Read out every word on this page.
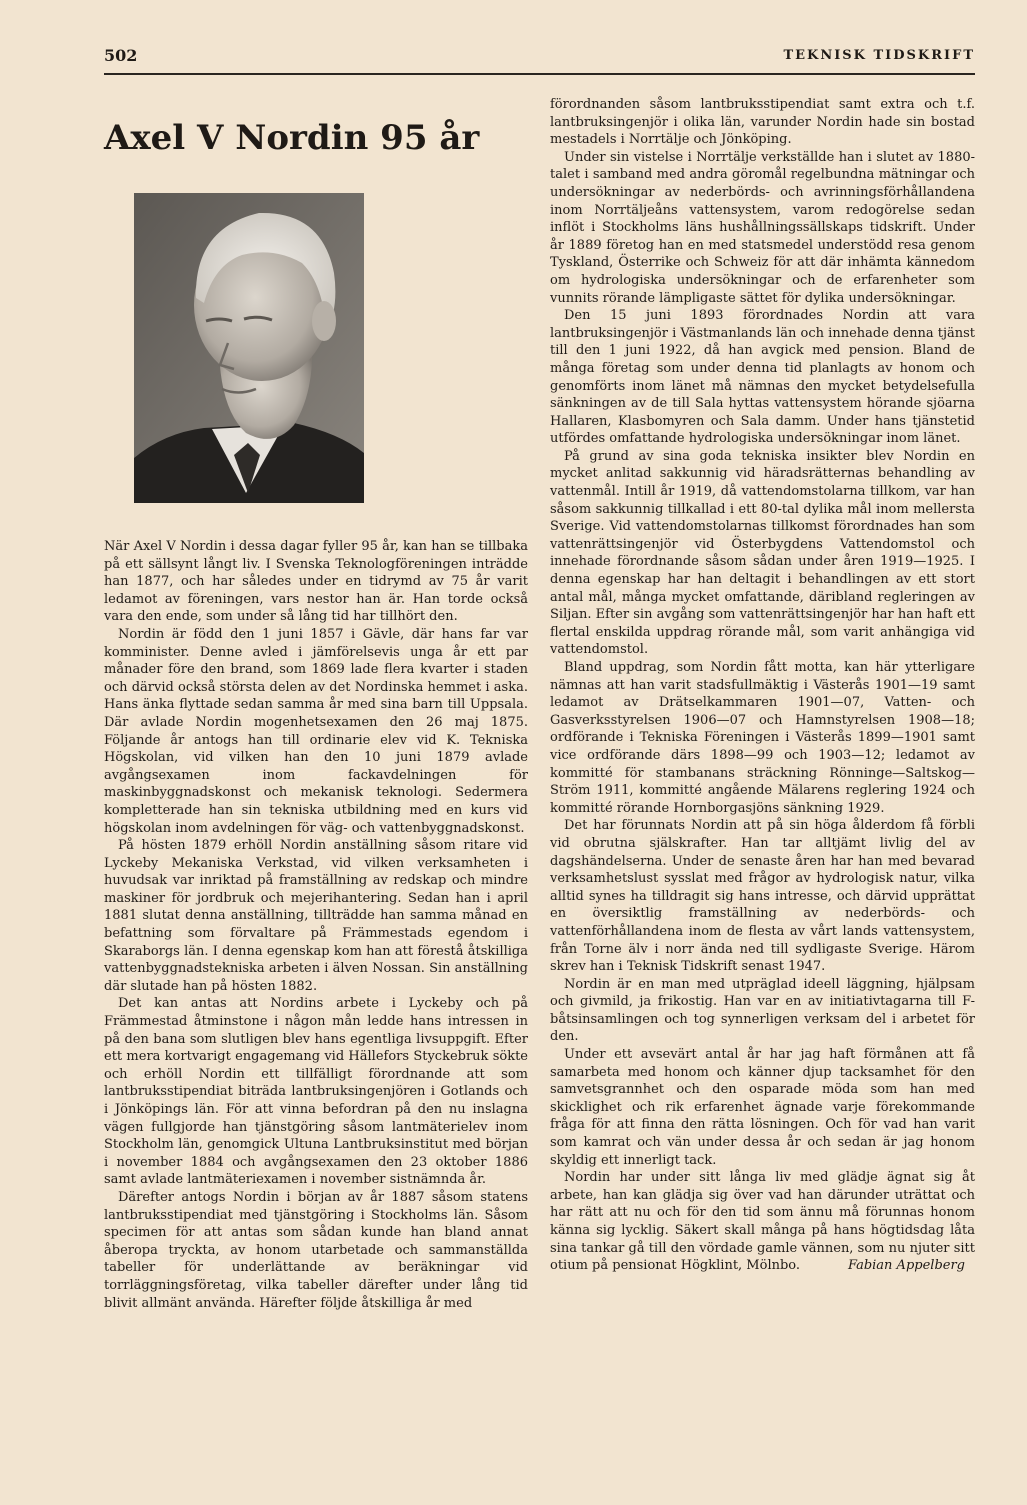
502	TEKNISK TIDSKRIFT
Axel V Nordin 95 år

När Axel V Nordin i dessa dagar fyller 95 år, kan han se tillbaka på ett sällsynt långt liv. I Svenska Teknologföreningen inträdde han 1877, och har således under en tidrymd av 75 år varit ledamot av föreningen, vars nestor han är. Han torde också vara den ende, som under så lång tid har tillhört den.

Nordin är född den 1 juni 1857 i Gävle, där hans far var komminister. Denne avled i jämförelsevis unga år ett par månader före den brand, som 1869 lade flera kvarter i staden och därvid också största delen av det Nordinska hemmet i aska. Hans änka flyttade sedan samma år med sina barn till Uppsala. Där avlade Nordin mogenhetsexamen den 26 maj 1875. Följande år antogs han till ordinarie elev vid K. Tekniska Högskolan, vid vilken han den 10 juni 1879 avlade avgångsexamen inom fackavdelningen för maskinbyggnadskonst och mekanisk teknologi. Sedermera kompletterade han sin tekniska utbildning med en kurs vid högskolan inom avdelningen för väg- och vattenbyggnadskonst.

På hösten 1879 erhöll Nordin anställning såsom ritare vid Lyckeby Mekaniska Verkstad, vid vilken verksamheten i huvudsak var inriktad på framställning av redskap och mindre maskiner för jordbruk och mejerihantering. Sedan han i april 1881 slutat denna anställning, tillträdde han samma månad en befattning som förvaltare på Främmestads egendom i Skaraborgs län. I denna egenskap kom han att förestå åtskilliga vattenbyggnadstekniska arbeten i älven Nossan. Sin anställning där slutade han på hösten 1882.

Det kan antas att Nordins arbete i Lyckeby och på Främmestad åtminstone i någon mån ledde hans intressen in på den bana som slutligen blev hans egentliga livsuppgift. Efter ett mera kortvarigt engagemang vid Hällefors Styckebruk sökte och erhöll Nordin ett tillfälligt förordnande att som lantbruksstipendiat biträda lantbruksingenjören i Gotlands och i Jönköpings län. För att vinna befordran på den nu inslagna vägen fullgjorde han tjänstgöring såsom lantmäterielev inom Stockholm län, genomgick Ultuna Lantbruksinstitut med början i november 1884 och avgångsexamen den 23 oktober 1886 samt avlade lantmäteriexamen i november sistnämnda år.

Därefter antogs Nordin i början av år 1887 såsom statens lantbruksstipendiat med tjänstgöring i Stockholms län. Såsom specimen för att antas som sådan kunde han bland annat åberopa tryckta, av honom utarbetade och sammanställda tabeller för underlättande av beräkningar vid torrläggningsföretag, vilka tabeller därefter under lång tid blivit allmänt använda. Härefter följde åtskilliga år med

förordnanden såsom lantbruksstipendiat samt extra och t.f. lantbruksingenjör i olika län, varunder Nordin hade sin bostad mestadels i Norrtälje och Jönköping.

Under sin vistelse i Norrtälje verkställde han i slutet av 1880-talet i samband med andra göromål regelbundna mätningar och undersökningar av nederbörds- och avrinningsförhållandena inom Norrtäljeåns vattensystem, varom redogörelse sedan inflöt i Stockholms läns hushållningssällskaps tidskrift. Under år 1889 företog han en med statsmedel understödd resa genom Tyskland, Österrike och Schweiz för att där inhämta kännedom om hydrologiska undersökningar och de erfarenheter som vunnits rörande lämpligaste sättet för dylika undersökningar.

Den 15 juni 1893 förordnades Nordin att vara lantbruksingenjör i Västmanlands län och innehade denna tjänst till den 1 juni 1922, då han avgick med pension. Bland de många företag som under denna tid planlagts av honom och genomförts inom länet må nämnas den mycket betydelsefulla sänkningen av de till Sala hyttas vattensystem hörande sjöarna Hallaren, Klasbomyren och Sala damm. Under hans tjänstetid utfördes omfattande hydrologiska undersökningar inom länet.

På grund av sina goda tekniska insikter blev Nordin en mycket anlitad sakkunnig vid häradsrätternas behandling av vattenmål. Intill år 1919, då vattendomstolarna tillkom, var han såsom sakkunnig tillkallad i ett 80-tal dylika mål inom mellersta Sverige. Vid vattendomstolarnas tillkomst förordnades han som vattenrättsingenjör vid Österbygdens Vattendomstol och innehade förordnande såsom sådan under åren 1919—1925. I denna egenskap har han deltagit i behandlingen av ett stort antal mål, många mycket omfattande, däribland regleringen av Siljan. Efter sin avgång som vattenrättsingenjör har han haft ett flertal enskilda uppdrag rörande mål, som varit anhängiga vid vattendomstol.

Bland uppdrag, som Nordin fått motta, kan här ytterligare nämnas att han varit stadsfullmäktig i Västerås 1901—19 samt ledamot av Drätselkammaren 1901—07, Vatten- och Gasverksstyrelsen 1906—07 och Hamnstyrelsen 1908—18; ordförande i Tekniska Föreningen i Västerås 1899—1901 samt vice ordförande därs 1898—99 och 1903—12; ledamot av kommitté för stambanans sträckning Rönninge—Saltskog—Ström 1911, kommitté angående Mälarens reglering 1924 och kommitté rörande Hornborgasjöns sänkning 1929.

Det har förunnats Nordin att på sin höga ålderdom få förbli vid obrutna själskrafter. Han tar alltjämt livlig del av dagshändelserna. Under de senaste åren har han med bevarad verksamhetslust sysslat med frågor av hydrologisk natur, vilka alltid synes ha tilldragit sig hans intresse, och därvid upprättat en översiktlig framställning av nederbörds- och vattenförhållandena inom de flesta av vårt lands vattensystem, från Torne älv i norr ända ned till sydligaste Sverige. Härom skrev han i Teknisk Tidskrift senast 1947.

Nordin är en man med utpräglad ideell läggning, hjälpsam och givmild, ja frikostig. Han var en av initiativtagarna till F-båtsinsamlingen och tog synnerligen verksam del i arbetet för den.

Under ett avsevärt antal år har jag haft förmånen att få samarbeta med honom och känner djup tacksamhet för den samvetsgrannhet och den osparade möda som han med skicklighet och rik erfarenhet ägnade varje förekommande fråga för att finna den rätta lösningen. Och för vad han varit som kamrat och vän under dessa år och sedan är jag honom skyldig ett innerligt tack.

Nordin har under sitt långa liv med glädje ägnat sig åt arbete, han kan glädja sig över vad han därunder uträttat och har rätt att nu och för den tid som ännu må förunnas honom känna sig lycklig. Säkert skall många på hans högtidsdag låta sina tankar gå till den vördade gamle vännen, som nu njuter sitt otium på pensionat Högklint, Mölnbo.	Fabian Appelberg
